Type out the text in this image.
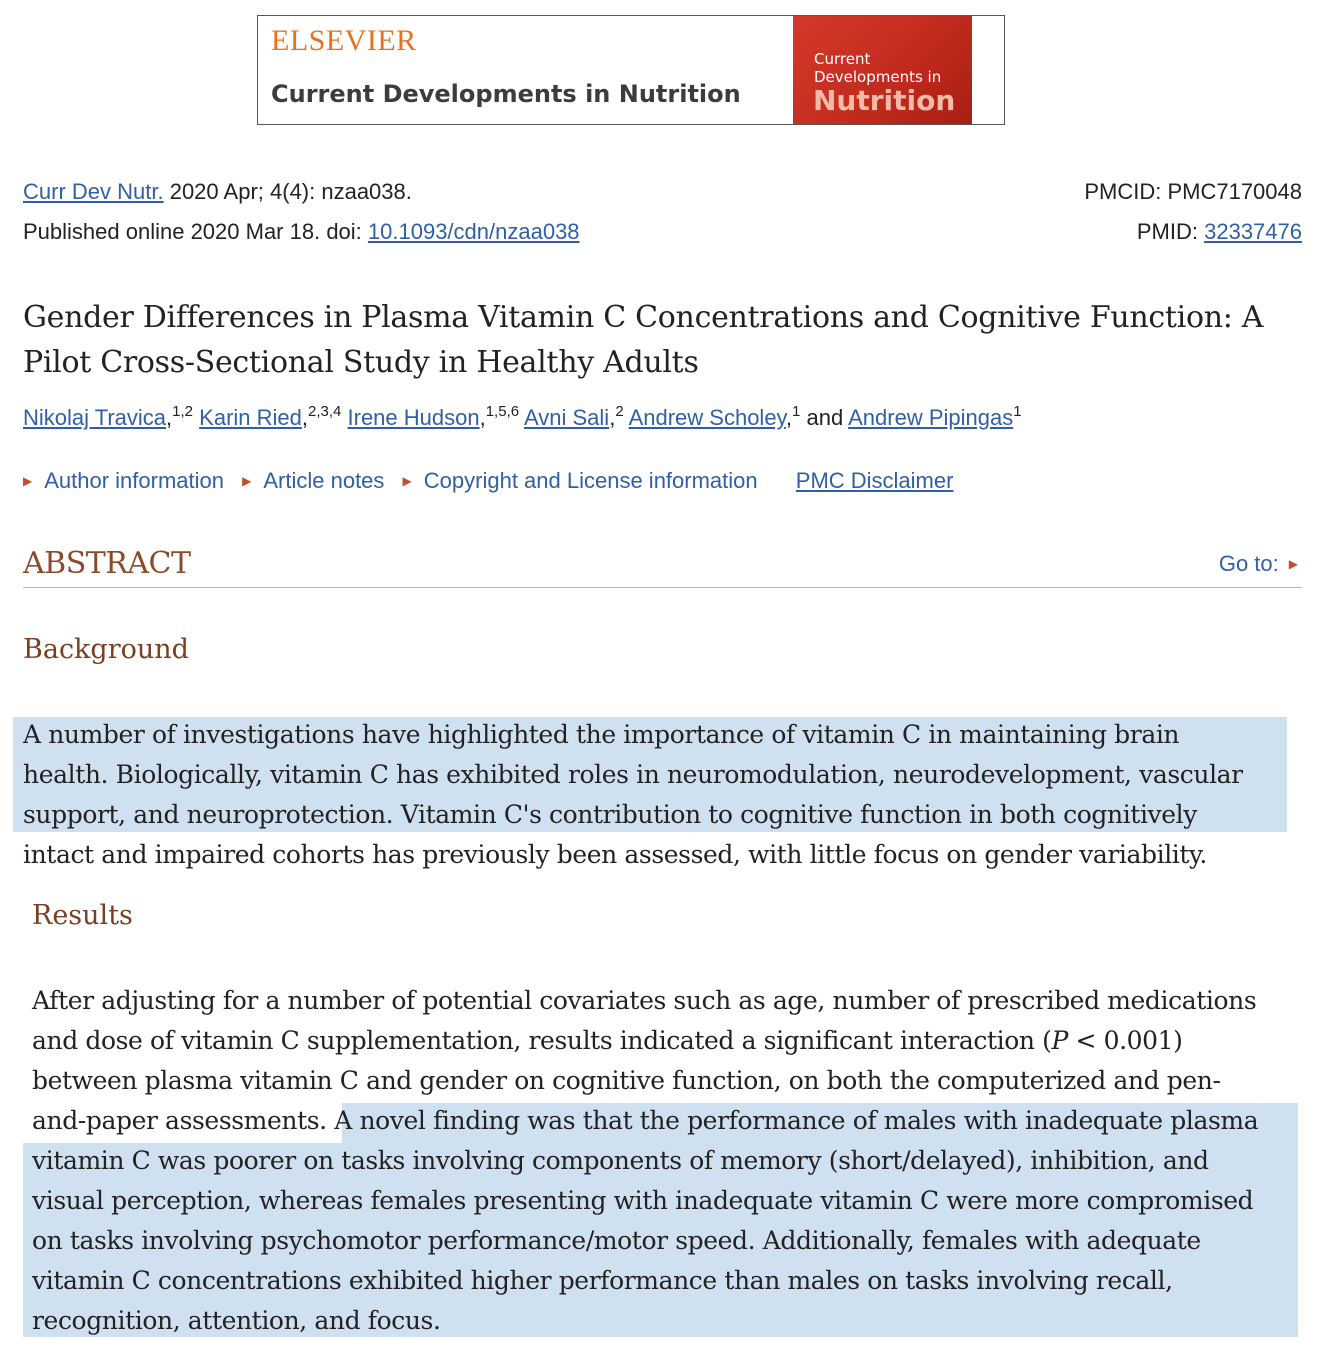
ELSEVIER
Current Developments in Nutrition
Current
Developments in
Nutrition
Curr Dev Nutr. 2020 Apr; 4(4): nzaa038.	PMCID: PMC7170048
Published online 2020 Mar 18. doi: 10.1093/cdn/nzaa038	PMID: 32337476
Gender Differences in Plasma Vitamin C Concentrations and Cognitive Function: A Pilot Cross-Sectional Study in Healthy Adults
Nikolaj Travica,$^{1,2}$ Karin Ried,$^{2,3,4}$ Irene Hudson,$^{1,5,6}$ Avni Sali,$^2$ Andrew Scholey,$^1$ and Andrew Pipingas$^1$
▶ Author information ▶ Article notes ▶ Copyright and License information PMC Disclaimer
ABSTRACT	Go to: ▶
Background
A number of investigations have highlighted the importance of vitamin C in maintaining brain
health. Biologically, vitamin C has exhibited roles in neuromodulation, neurodevelopment, vascular
support, and neuroprotection. Vitamin C's contribution to cognitive function in both cognitively
intact and impaired cohorts has previously been assessed, with little focus on gender variability.
Results
After adjusting for a number of potential covariates such as age, number of prescribed medications
and dose of vitamin C supplementation, results indicated a significant interaction (P < 0.001)
between plasma vitamin C and gender on cognitive function, on both the computerized and pen-
and-paper assessments. A novel finding was that the performance of males with inadequate plasma
vitamin C was poorer on tasks involving components of memory (short/delayed), inhibition, and
visual perception, whereas females presenting with inadequate vitamin C were more compromised
on tasks involving psychomotor performance/motor speed. Additionally, females with adequate
vitamin C concentrations exhibited higher performance than males on tasks involving recall,
recognition, attention, and focus.
